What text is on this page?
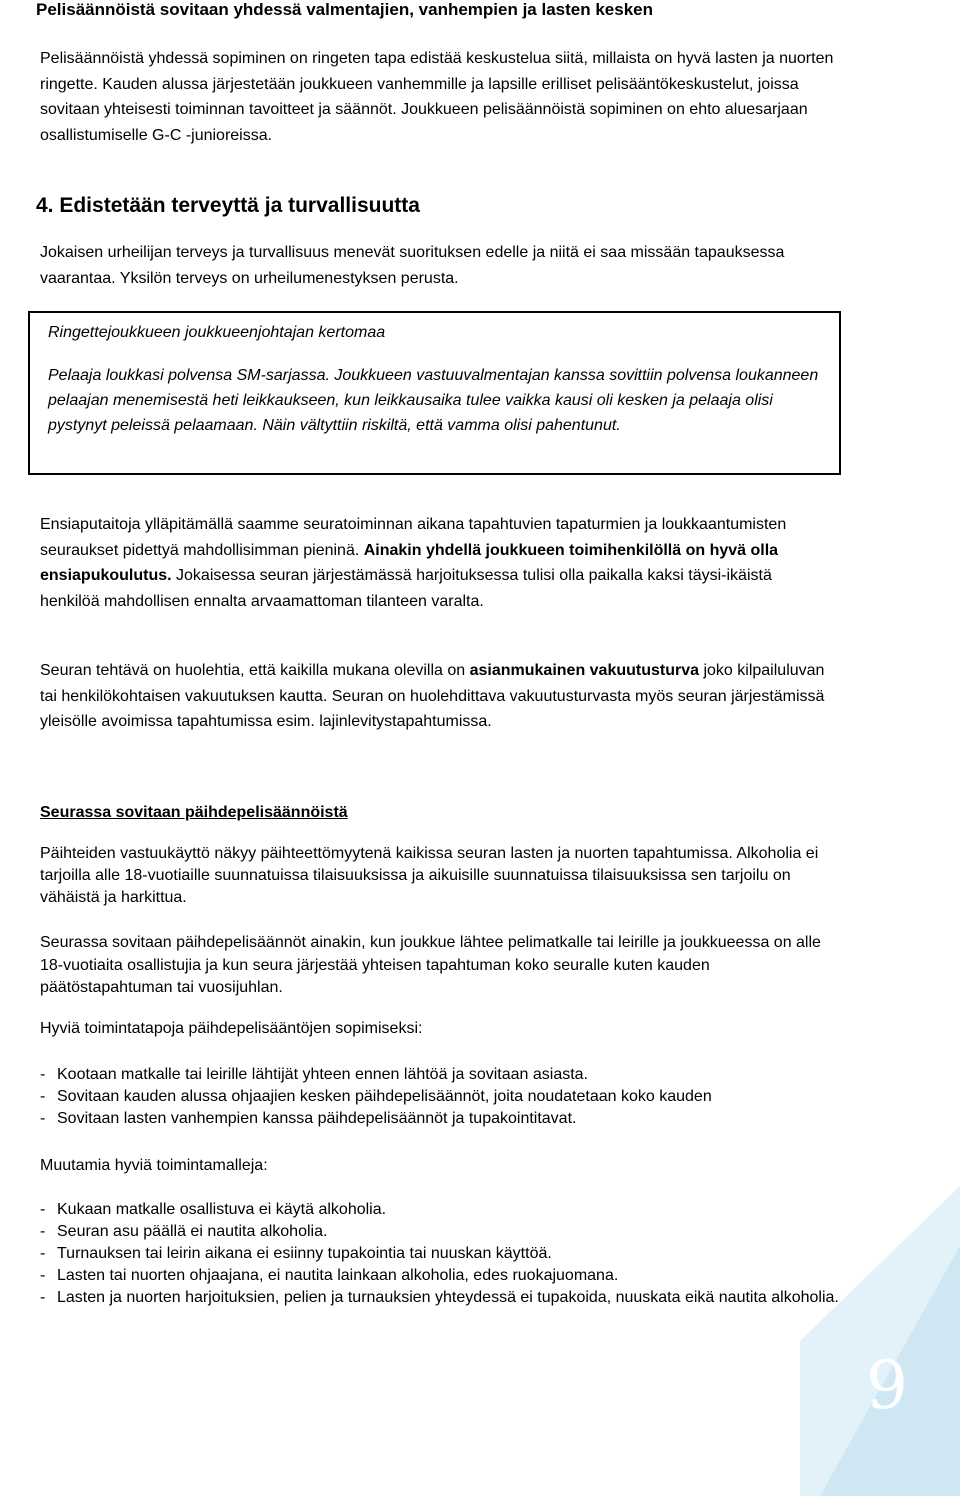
9

Pelisäännöistä sovitaan yhdessä valmentajien, vanhempien ja lasten kesken

Pelisäännöistä yhdessä sopiminen on ringeten tapa edistää keskustelua siitä, millaista on hyvä lasten ja nuorten ringette. Kauden alussa järjestetään joukkueen vanhemmille ja lapsille erilliset pelisääntökeskustelut, joissa sovitaan yhteisesti toiminnan tavoitteet ja säännöt. Joukkueen pelisäännöistä sopiminen on ehto aluesarjaan osallistumiselle G-C -junioreissa.

4. Edistetään terveyttä ja turvallisuutta

Jokaisen urheilijan terveys ja turvallisuus menevät suorituksen edelle ja niitä ei saa missään tapauksessa vaarantaa. Yksilön terveys on urheilumenestyksen perusta.

Ringettejoukkueen joukkueenjohtajan kertomaa

Pelaaja loukkasi polvensa SM-sarjassa. Joukkueen vastuuvalmentajan kanssa sovittiin polvensa loukanneen pelaajan menemisestä heti leikkaukseen, kun leikkausaika tulee vaikka kausi oli kesken ja pelaaja olisi pystynyt peleissä pelaamaan. Näin vältyttiin riskiltä, että vamma olisi pahentunut.

Ensiaputaitoja ylläpitämällä saamme seuratoiminnan aikana tapahtuvien tapaturmien ja loukkaantumisten seuraukset pidettyä mahdollisimman pieninä. Ainakin yhdellä joukkueen toimihenkilöllä on hyvä olla ensiapukoulutus. Jokaisessa seuran järjestämässä harjoituksessa tulisi olla paikalla kaksi täysi-ikäistä henkilöä mahdollisen ennalta arvaamattoman tilanteen varalta.

Seuran tehtävä on huolehtia, että kaikilla mukana olevilla on asianmukainen vakuutusturva joko kilpailuluvan tai henkilökohtaisen vakuutuksen kautta. Seuran on huolehdittava vakuutusturvasta myös seuran järjestämissä yleisölle avoimissa tapahtumissa esim. lajinlevitystapahtumissa.

Seurassa sovitaan päihdepelisäännöistä

Päihteiden vastuukäyttö näkyy päihteettömyytenä kaikissa seuran lasten ja nuorten tapahtumissa. Alkoholia ei tarjoilla alle 18-vuotiaille suunnatuissa tilaisuuksissa ja aikuisille suunnatuissa tilaisuuksissa sen tarjoilu on vähäistä ja harkittua.

Seurassa sovitaan päihdepelisäännöt ainakin, kun joukkue lähtee pelimatkalle tai leirille ja joukkueessa on alle 18-vuotiaita osallistujia ja kun seura järjestää yhteisen tapahtuman koko seuralle kuten kauden päätöstapahtuman tai vuosijuhlan.

Hyviä toimintatapoja päihdepelisääntöjen sopimiseksi:

- Kootaan matkalle tai leirille lähtijät yhteen ennen lähtöä ja sovitaan asiasta.
- Sovitaan kauden alussa ohjaajien kesken päihdepelisäännöt, joita noudatetaan koko kauden
- Sovitaan lasten vanhempien kanssa päihdepelisäännöt ja tupakointitavat.

Muutamia hyviä toimintamalleja:

- Kukaan matkalle osallistuva ei käytä alkoholia.
- Seuran asu päällä ei nautita alkoholia.
- Turnauksen tai leirin aikana ei esiinny tupakointia tai nuuskan käyttöä.
- Lasten tai nuorten ohjaajana, ei nautita lainkaan alkoholia, edes ruokajuomana.
- Lasten ja nuorten harjoituksien, pelien ja turnauksien yhteydessä ei tupakoida, nuuskata eikä nautita alkoholia.
